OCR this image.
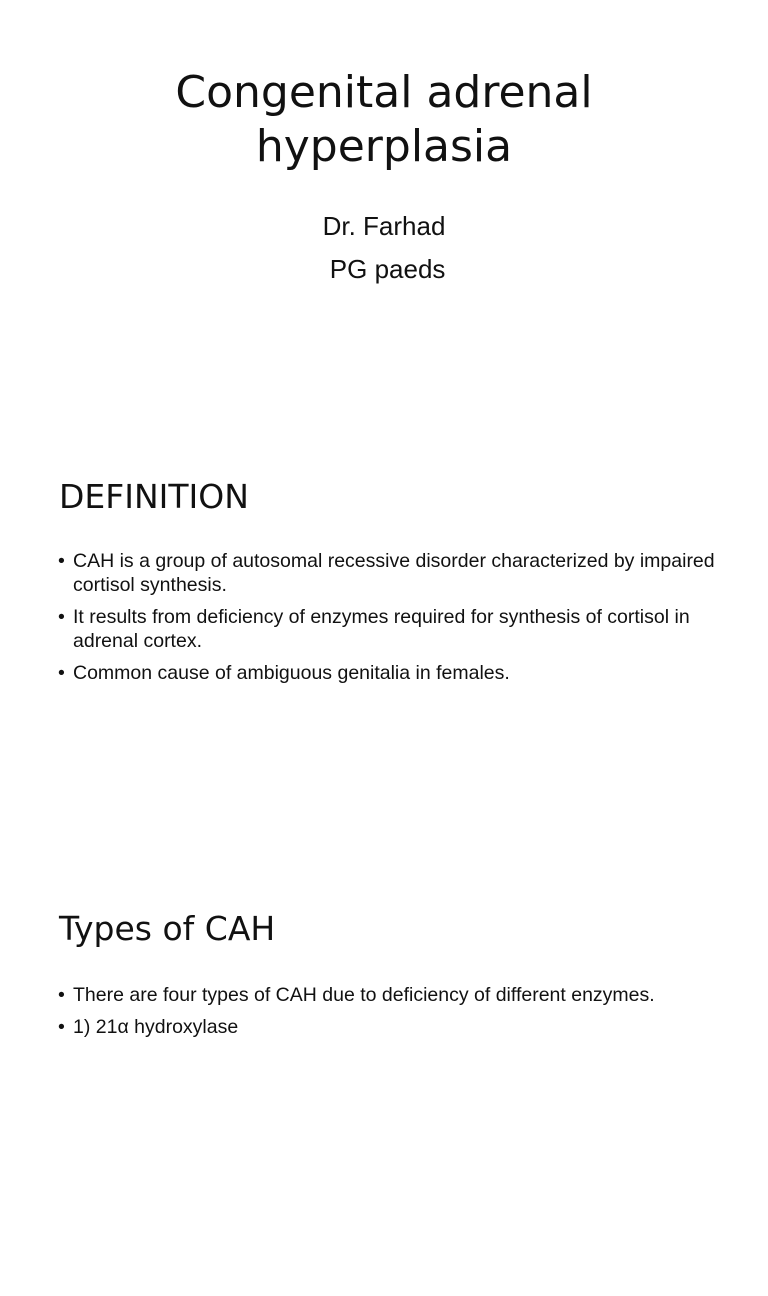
Congenital adrenal
hyperplasia
Dr. Farhad
PG paeds
DEFINITION
• CAH is a group of autosomal recessive disorder characterized by impaired cortisol synthesis.
• It results from deficiency of enzymes required for synthesis of cortisol in adrenal cortex.
• Common cause of ambiguous genitalia in females.
Types of CAH
• There are four types of CAH due to deficiency of different enzymes.
• 1) 21α hydroxylase
